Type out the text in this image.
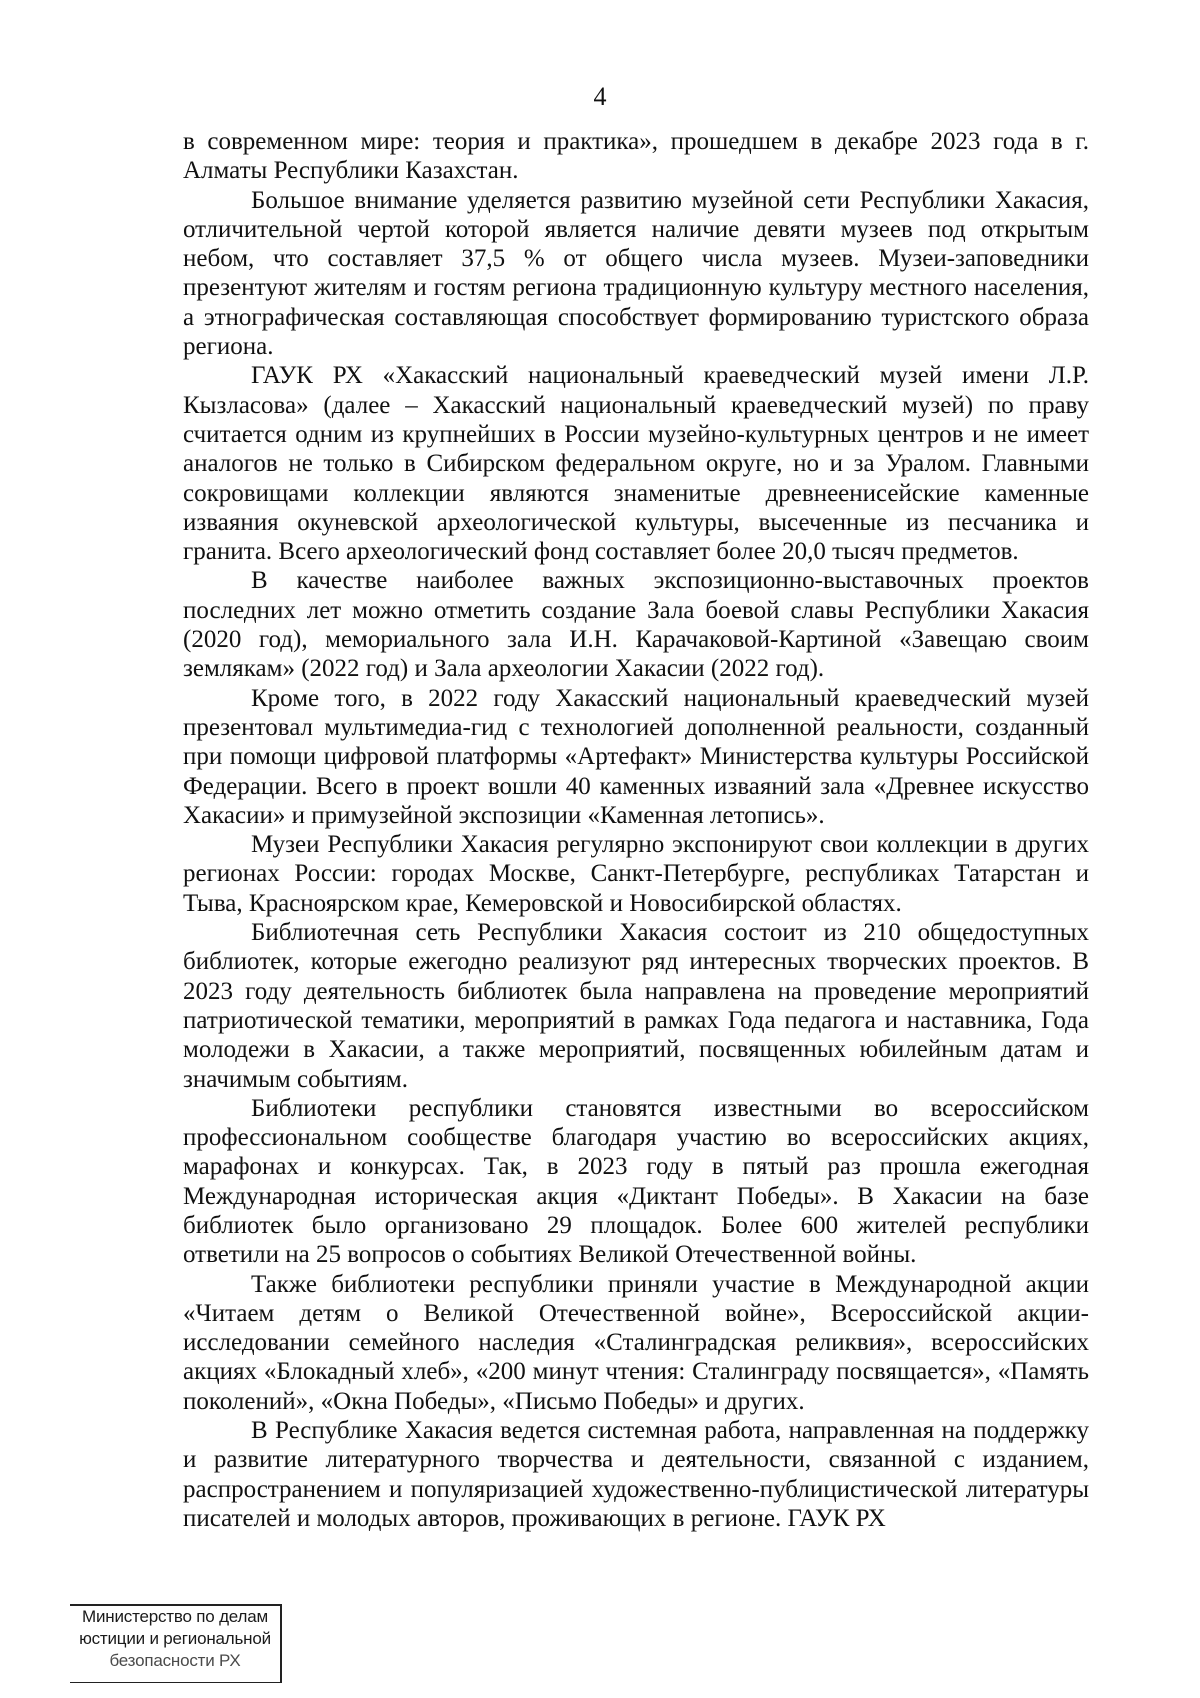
4

в современном мире: теория и практика», прошедшем в декабре 2023 года в г. Алматы Республики Казахстан.

Большое внимание уделяется развитию музейной сети Республики Хакасия, отличительной чертой которой является наличие девяти музеев под открытым небом, что составляет 37,5 % от общего числа музеев. Музеи-заповедники презентуют жителям и гостям региона традиционную культуру местного населения, а этнографическая составляющая способствует формированию туристского образа региона.

ГАУК РХ «Хакасский национальный краеведческий музей имени Л.Р. Кызласова» (далее – Хакасский национальный краеведческий музей) по праву считается одним из крупнейших в России музейно-культурных центров и не имеет аналогов не только в Сибирском федеральном округе, но и за Уралом. Главными сокровищами коллекции являются знаменитые древнеенисейские каменные изваяния окуневской археологической культуры, высеченные из песчаника и гранита. Всего археологический фонд составляет более 20,0 тысяч предметов.

В качестве наиболее важных экспозиционно-выставочных проектов последних лет можно отметить создание Зала боевой славы Республики Хакасия (2020 год), мемориального зала И.Н. Карачаковой-Картиной «Завещаю своим землякам» (2022 год) и Зала археологии Хакасии (2022 год).

Кроме того, в 2022 году Хакасский национальный краеведческий музей презентовал мультимедиа-гид с технологией дополненной реальности, созданный при помощи цифровой платформы «Артефакт» Министерства культуры Российской Федерации. Всего в проект вошли 40 каменных изваяний зала «Древнее искусство Хакасии» и примузейной экспозиции «Каменная летопись».

Музеи Республики Хакасия регулярно экспонируют свои коллекции в других регионах России: городах Москве, Санкт-Петербурге, республиках Татарстан и Тыва, Красноярском крае, Кемеровской и Новосибирской областях.

Библиотечная сеть Республики Хакасия состоит из 210 общедоступных библиотек, которые ежегодно реализуют ряд интересных творческих проектов. В 2023 году деятельность библиотек была направлена на проведение мероприятий патриотической тематики, мероприятий в рамках Года педагога и наставника, Года молодежи в Хакасии, а также мероприятий, посвященных юбилейным датам и значимым событиям.

Библиотеки республики становятся известными во всероссийском профессиональном сообществе благодаря участию во всероссийских акциях, марафонах и конкурсах. Так, в 2023 году в пятый раз прошла ежегодная Международная историческая акция «Диктант Победы». В Хакасии на базе библиотек было организовано 29 площадок. Более 600 жителей республики ответили на 25 вопросов о событиях Великой Отечественной войны.

Также библиотеки республики приняли участие в Международной акции «Читаем детям о Великой Отечественной войне», Всероссийской акции-исследовании семейного наследия «Сталинградская реликвия», всероссийских акциях «Блокадный хлеб», «200 минут чтения: Сталинграду посвящается», «Память поколений», «Окна Победы», «Письмо Победы» и других.

В Республике Хакасия ведется системная работа, направленная на поддержку и развитие литературного творчества и деятельности, связанной с изданием, распространением и популяризацией художественно-публицистической литературы писателей и молодых авторов, проживающих в регионе. ГАУК РХ

Министерство по делам
юстиции и региональной
безопасности РХ
